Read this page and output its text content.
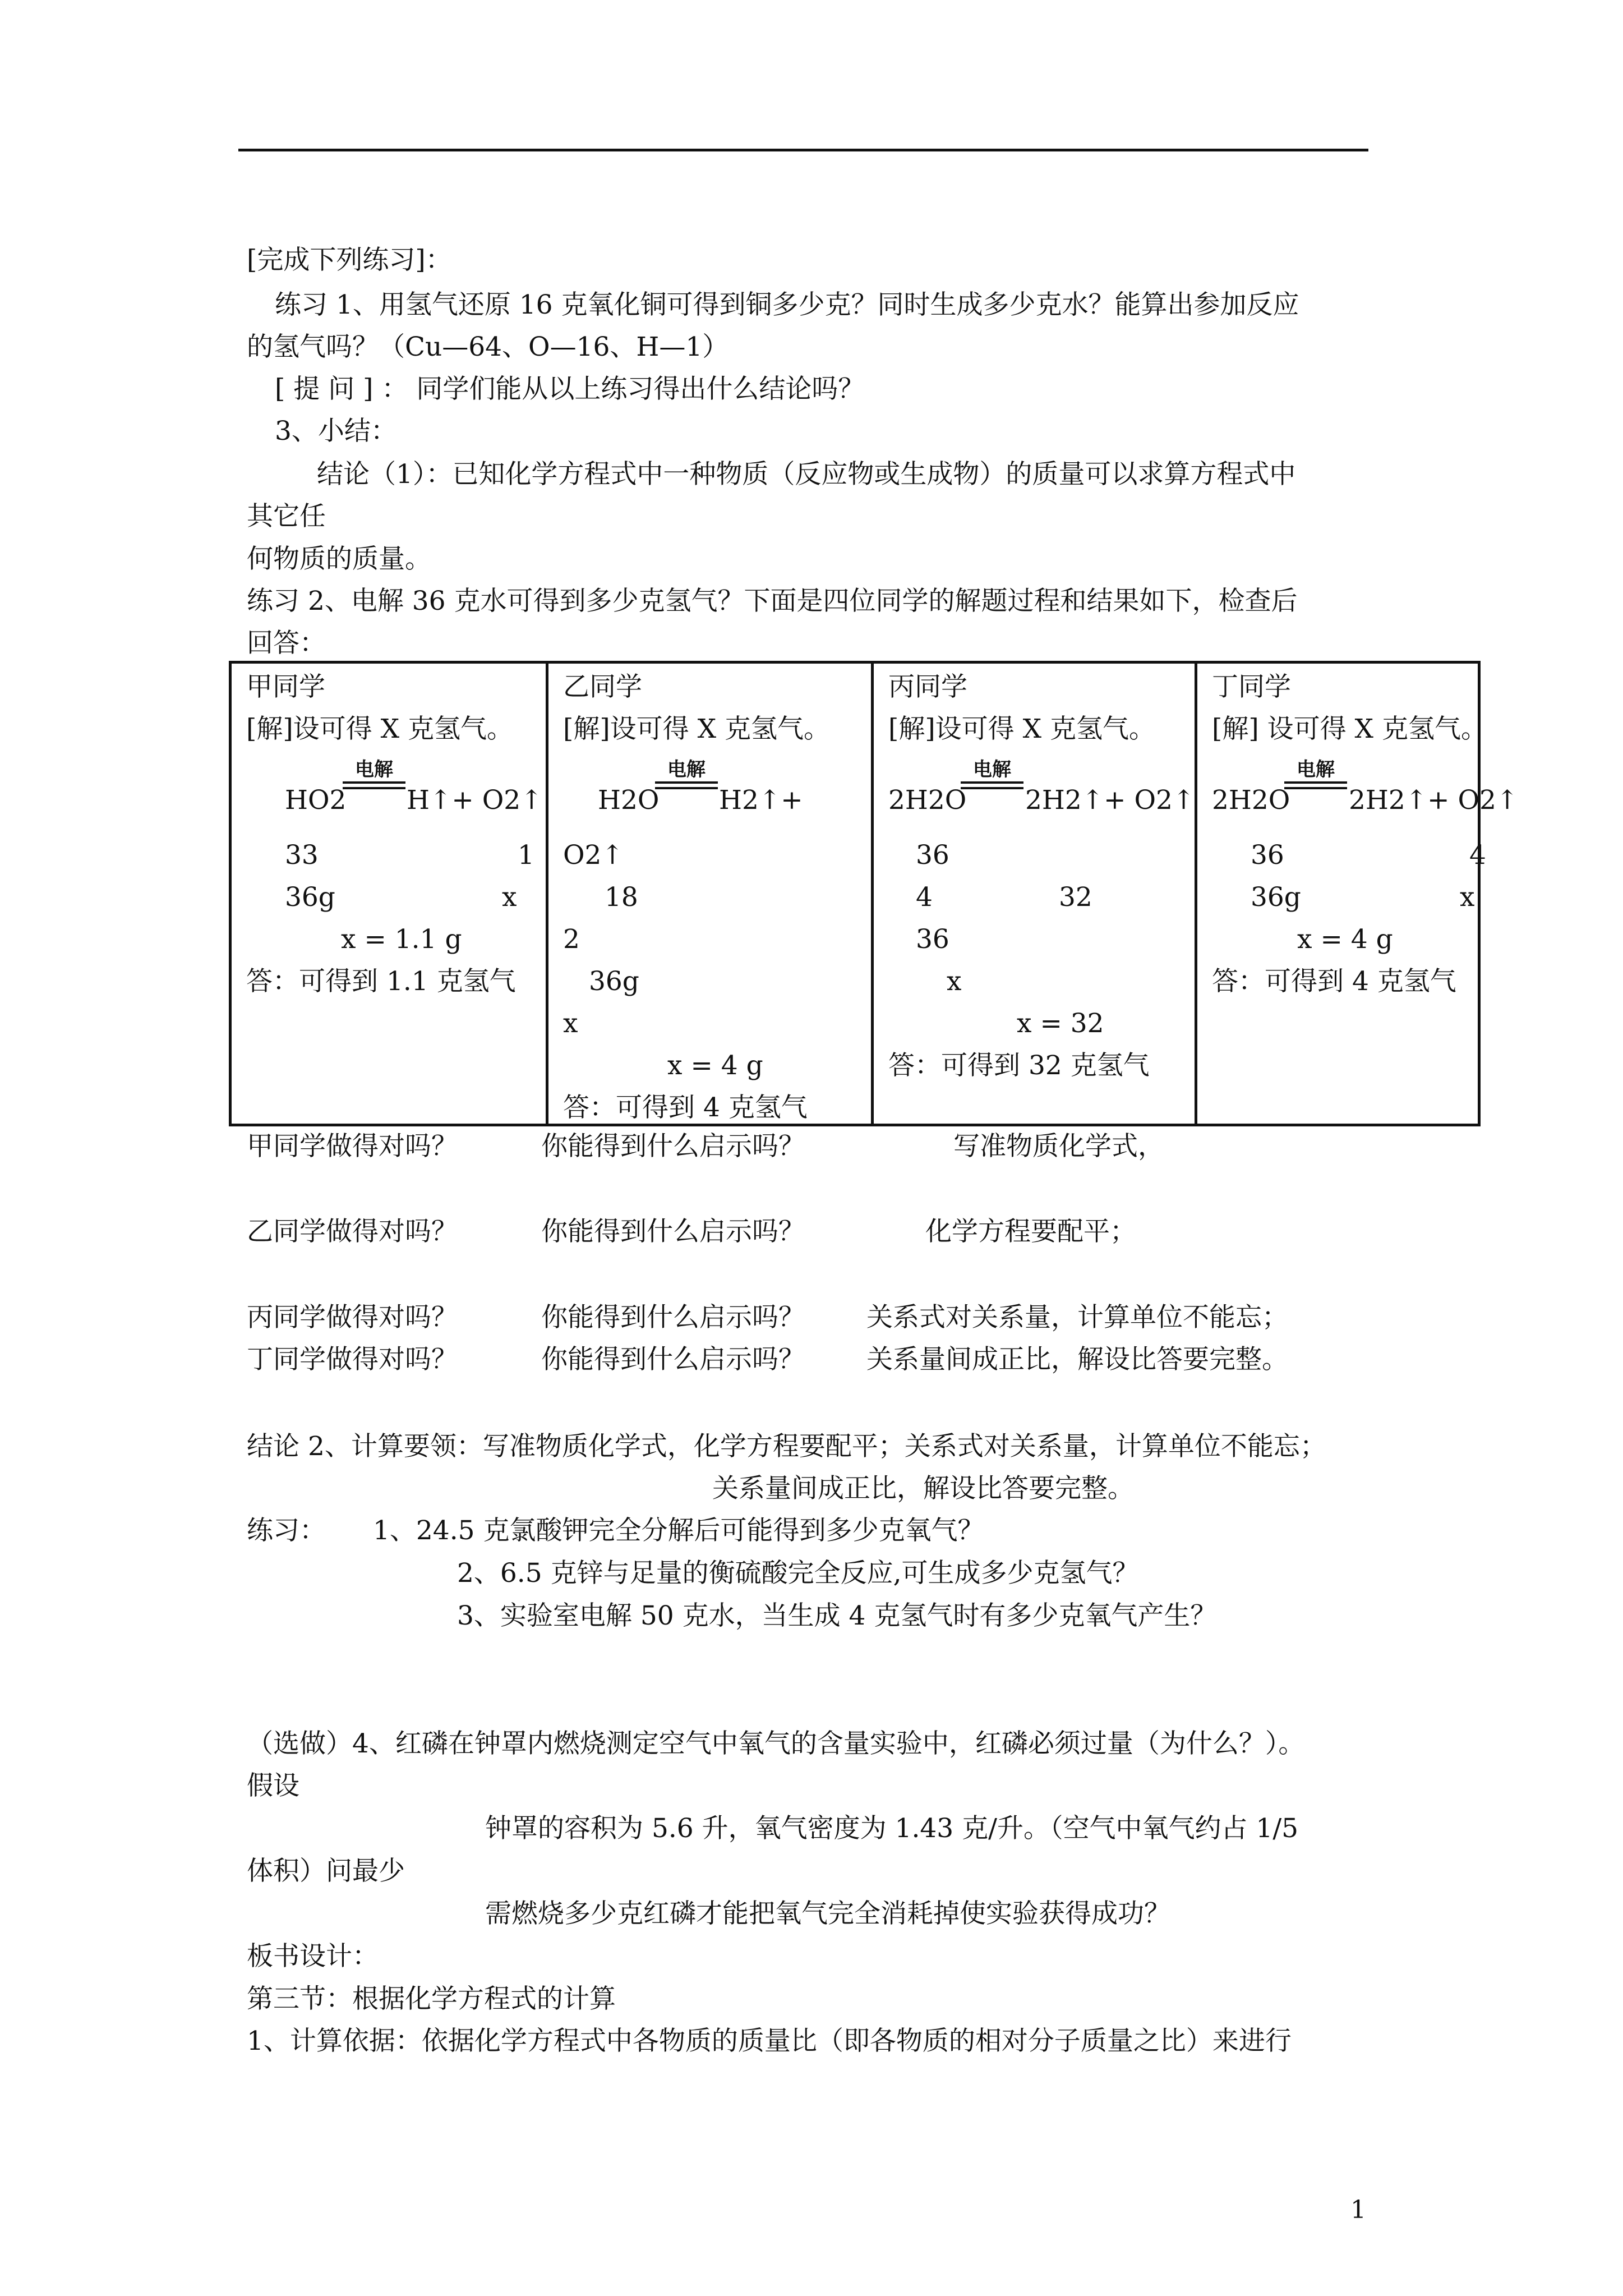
[完成下列练习]：
练习 1、用氢气还原 16 克氧化铜可得到铜多少克？同时生成多少克水？能算出参加反应
的氢气吗？（Cu—64、O—16、H—1）
[ 提 问 ] ： 同学们能从以上练习得出什么结论吗？
3、小结：
结论（1）：已知化学方程式中一种物质（反应物或生成物）的质量可以求算方程式中
其它任
何物质的质量。
练习 2、电解 36 克水可得到多少克氢气？下面是四位同学的解题过程和结果如下，检查后
回答：
甲同学
[解]设可得 X 克氢气。
HO2
电解
H↑+ O2↑
33	1
36g	x
x = 1.1 g
答：可得到 1.1 克氢气

乙同学
[解]设可得 X 克氢气。
H2O
电解
H2↑+
O2↑
18
2
36g
x
x = 4 g
答：可得到 4 克氢气

丙同学
[解]设可得 X 克氢气。
2H2O
电解
2H2↑+ O2↑
36
4	32
36
x
x = 32
答：可得到 32 克氢气

丁同学
[解] 设可得 X 克氢气。
2H2O
电解
2H2↑+ O2↑
36	4
36g	x
x = 4 g
答：可得到 4 克氢气
甲同学做得对吗？	你能得到什么启示吗？	写准物质化学式，
乙同学做得对吗？	你能得到什么启示吗？	化学方程要配平；
丙同学做得对吗？	你能得到什么启示吗？ 关系式对关系量，计算单位不能忘；
丁同学做得对吗？	你能得到什么启示吗？ 关系量间成正比，解设比答要完整。
结论 2、计算要领：写准物质化学式，化学方程要配平；关系式对关系量，计算单位不能忘；
关系量间成正比，解设比答要完整。
练习： 1、24.5 克氯酸钾完全分解后可能得到多少克氧气？
2、6.5 克锌与足量的衡硫酸完全反应,可生成多少克氢气？
3、实验室电解 50 克水，当生成 4 克氢气时有多少克氧气产生？
（选做）4、红磷在钟罩内燃烧测定空气中氧气的含量实验中，红磷必须过量（为什么？）。
假设
钟罩的容积为 5.6 升，氧气密度为 1.43 克/升。（空气中氧气约占 1/5
体积）问最少
需燃烧多少克红磷才能把氧气完全消耗掉使实验获得成功？
板书设计：
第三节：根据化学方程式的计算
1、计算依据：依据化学方程式中各物质的质量比（即各物质的相对分子质量之比）来进行
1
